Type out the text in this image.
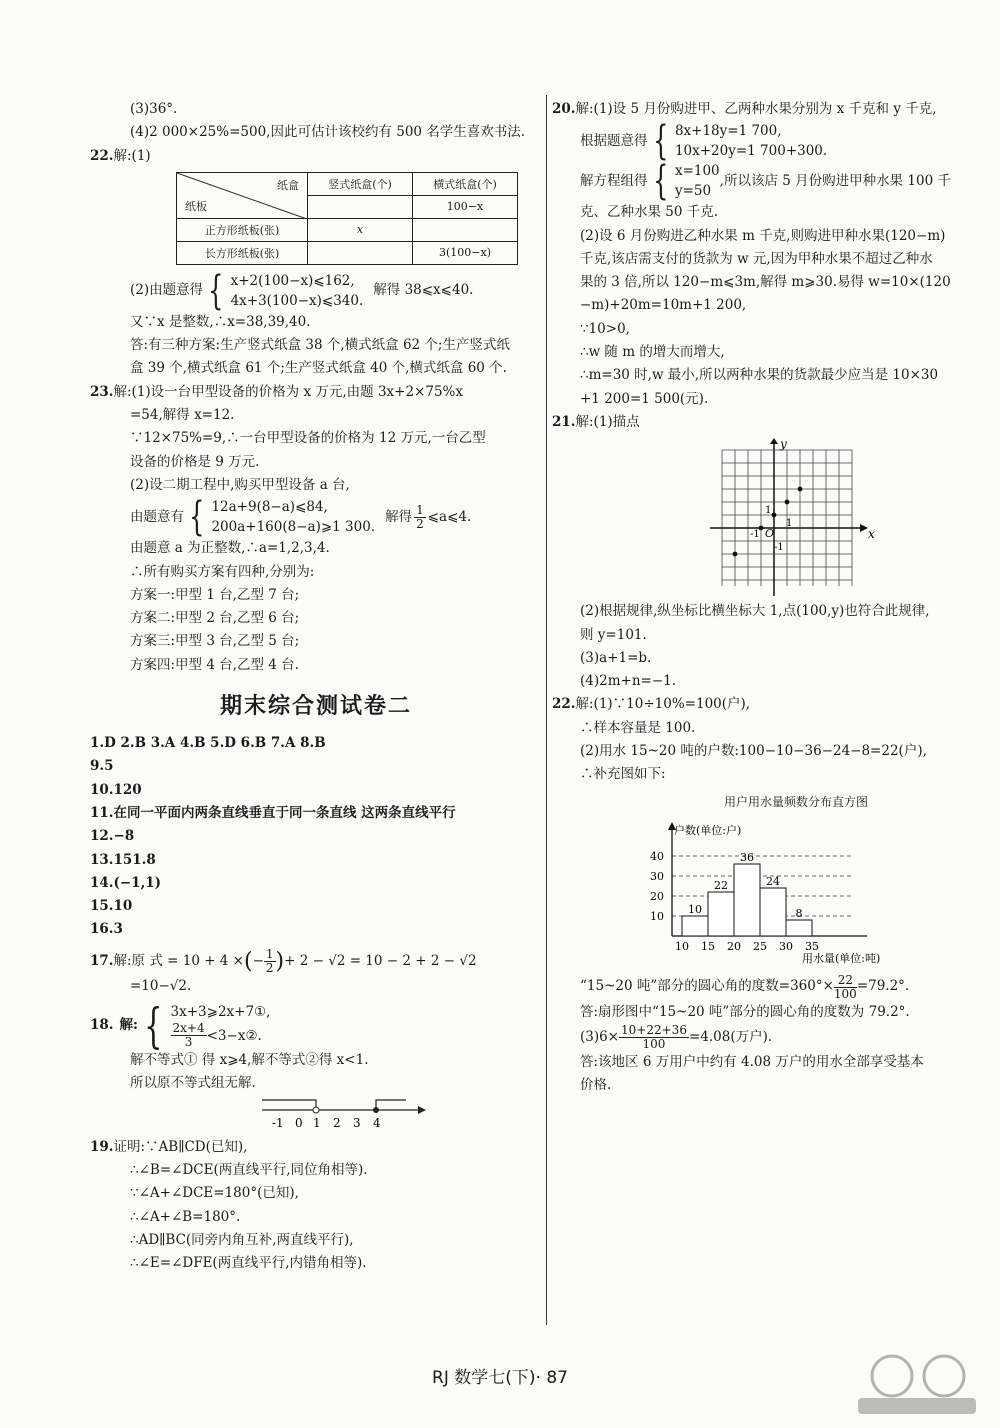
(3)36°.
(4)2 000×25%=500,因此可估计该校约有 500 名学生喜欢书法.
22.解:(1)
纸盒
纸板	竖式纸盒(个)	横式纸盒(个)
		100−x
正方形纸板(张)	x	
长方形纸板(张)		3(100−x)
(2)由题意得 { x+2(100−x)⩽162,
4x+3(100−x)⩽340.
解得 38⩽x⩽40.
又∵x 是整数,∴x=38,39,40.
答:有三种方案:生产竖式纸盒 38 个,横式纸盒 62 个;生产竖式纸
盒 39 个,横式纸盒 61 个;生产竖式纸盒 40 个,横式纸盒 60 个.
23.解:(1)设一台甲型设备的价格为 x 万元,由题 3x+2×75%x
=54,解得 x=12.
∵12×75%=9,∴一台甲型设备的价格为 12 万元,一台乙型
设备的价格是 9 万元.
(2)设二期工程中,购买甲型设备 a 台,
由题意有 { 12a+9(8−a)⩽84,
200a+160(8−a)⩾1 300.
解得 $\frac{1}{2}$ ⩽a⩽4.
由题意 a 为正整数,∴a=1,2,3,4.
∴所有购买方案有四种,分别为:
方案一:甲型 1 台,乙型 7 台;
方案二:甲型 2 台,乙型 6 台;
方案三:甲型 3 台,乙型 5 台;
方案四:甲型 4 台,乙型 4 台.
期末综合测试卷二
1.D 2.B 3.A 4.B 5.D 6.B 7.A 8.B
9.5
10.120
11.在同一平面内两条直线垂直于同一条直线 这两条直线平行
12.−8
13.151.8
14.(−1,1)
15.10
16.3
17. 解:原 式 = 10 + 4 × ( − $\frac{1}{2}$ ) + 2 − √2 = 10 − 2 + 2 − √2
=10−√2.
18. 解: { 3x+3⩾2x+7①,
$\frac{2x+4}{3}$ <3−x②.
解不等式① 得 x⩾4,解不等式②得 x<1.
所以原不等式组无解.
-1 0 1 2 3 4
19.证明:∵AB∥CD(已知),
∴∠B=∠DCE(两直线平行,同位角相等).
∵∠A+∠DCE=180°(已知),
∴∠A+∠B=180°.
∴AD∥BC(同旁内角互补,两直线平行),
∴∠E=∠DFE(两直线平行,内错角相等).
20.解:(1)设 5 月份购进甲、乙两种水果分别为 x 千克和 y 千克,
根据题意得 { 8x+18y=1 700,
10x+20y=1 700+300.
解方程组得 { x=100
y=50
,所以该店 5 月份购进甲种水果 100 千
克、乙种水果 50 千克.
(2)设 6 月份购进乙种水果 m 千克,则购进甲种水果(120−m)
千克,该店需支付的货款为 w 元,因为甲种水果不超过乙种水
果的 3 倍,所以 120−m⩽3m,解得 m⩾30.易得 w=10×(120
−m)+20m=10m+1 200,
∵10>0,
∴w 随 m 的增大而增大,
∴m=30 时,w 最小,所以两种水果的货款最少应当是 10×30
+1 200=1 500(元).
21.解:(1)描点
x
y
O
1
-1
1
-1
(2)根据规律,纵坐标比横坐标大 1,点(100,y)也符合此规律,
则 y=101.
(3)a+1=b.
(4)2m+n=−1.
22.解:(1)∵10÷10%=100(户),
∴样本容量是 100.
(2)用水 15~20 吨的户数:100−10−36−24−8=22(户),
∴补充图如下:
用户用水量频数分布直方图
10
20
30
40
户数(单位:户)
10
22
36
24
8
10 15 20 25 30 35
用水量(单位:吨)
“15~20 吨”部分的圆心角的度数$=360^\circ\times \frac{22}{100} =79.2^\circ$.
答:扇形图中“15~20 吨”部分的圆心角的度数为 79.2°.
$(3)6\times \frac{10+22+36}{100} =4.08$(万户).
答:该地区 6 万用户中约有 4.08 万户的用水全部享受基本
价格.
RJ 数学七(下)· 87
